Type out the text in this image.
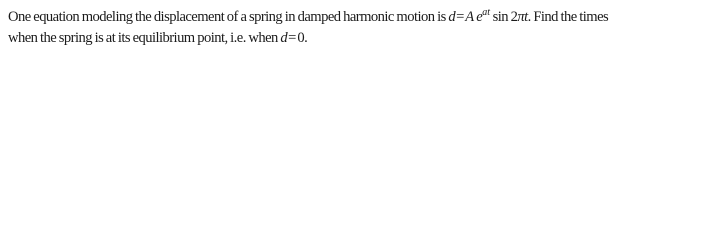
One equation modeling the displacement of a spring in damped harmonic motion is d=A $e^{at}$ sin 2πt. Find the times
when the spring is at its equilibrium point, i.e. when d=0.
